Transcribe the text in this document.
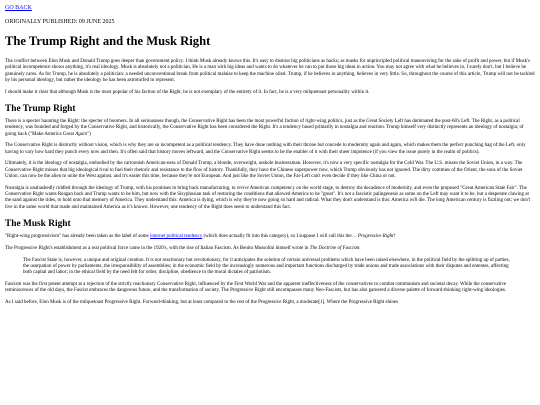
GO BACK
ORIGINALLY PUBLISHED: 09 JUNE 2025
The Trump Right and the Musk Right

The conflict between Elon Musk and Donald Trump goes deeper than government policy. I think Musk already knows this. It's easy to dismiss big politicians as hacks; as masks for unprincipled political maneuvering for the sake of profit and power, but if Musk's political incompetence shows anything, it's real ideology. Musk is absolutely not a politician. He is a man with big ideas and wants to do whatever he can to put those big ideas in action. You may not agree with what he believes in, I surely don't, but I believe he genuinely cares. As for Trump, he is absolutely a politician: a needed unconventional break from political malaise to keep the machine oiled. Trump, if he believes in anything, believes in very little. So, throughout the course of this article, Trump will not be tackled by his personal ideology, but rather the ideology he has been astroturfed to represent.

I should make it clear that although Musk is the most popular of his faction of the Right, he is not exemplary of the entirety of it. In fact, he is a very milquetoast personality within it.

The Trump Right

There is a specter haunting the Right: the specter of boomers. In all seriousness though, the Conservative Right has been the most powerful faction of right-wing politics, just as the Great Society Left has dominated the post-60's Left. The Right, as a political tendency, was founded and forged by the Conservative Right, and historically, the Conservative Right has been considered the Right. It's a tendency based primarily in nostalgia and reaction. Trump himself very distinctly represents an ideology of nostalgia; of going back ("Make America Great Again")

The Conservative Right is distinctly without vision, which is why they are so incompetent as a political tendency. They have done nothing with their throne but concede to modernity again and again, which makes them the perfect punching bag of the Left, only having to vary how hard they punch every now and then. It's often said that history moves leftward, and the Conservative Right seems to be the enabler of it with their sheer impotence (if you view the issue purely in the realm of politics).

Ultimately, it is the ideology of nostalgia, embodied by the cartoonish American-ness of Donald Trump, a blonde, overweight, asshole businessman. However, it's now a very specific nostalgia for the Cold War. The U.S. misses the Soviet Union, in a way. The Conservative Right misses that big ideological rival to fuel their rhetoric and resistance to the flow of history. Thankfully, they have the Chinese superpower now, which Trump obviously has not ignored. The dirty commies of the Orient, the sons of the Soviet Union, can now be the alien to unite the West against, and it's easier this time, because they're not European. And just like the Soviet Union, the Far-Left can't even decide if they like China or not.

Nostalgia is unabashedly riddled through the ideology of Trump, with his promises to bring back manufacturing, to revive American competency on the world stage, to destroy the decadence of modernity, and even the proposed "Great American State Fair". The Conservative Right wants Reagan back and Trump wants to be him, but now with the Sisyphusian task of restoring the conditions that allowed America to be "great". It's not a fascistic palingenesis as some on the Left may want it to be, but a desperate clawing at the sand against the tides, to hold onto that memory of America. They understand this: America is dying, which is why they're now going so hard and radical. What they don't understand is this: America will die. The long American century is fizzling out; we don't live in the same world that made and maintained America as it's known. However, one tendency of the Right does seem to understand this fact.

The Musk Right

"Right-wing progressivism" has already been taken as the label of some internet political tendency (which does actually fit into this category), so I suppose I will call this the… Progressive Right!

The Progressive Right's establishment as a real political force came in the 1920's, with the rise of Italian Fascism. As Benito Mussolini himself wrote in The Doctrine of Fascism:

The Fascist State is, however, a unique and original creation. It is not reactionary but revolutionary, for it anticipates the solution of certain universal problems which have been raised elsewhere, in the political field by the splitting up of parties, the usurpation of power by parliaments, the irresponsibility of assemblies; in the economic field by the increasingly numerous and important functions discharged by trade unions and trade associations with their disputes and ententes, affecting both capital and labor; in the ethical field by the need felt for order, discipline, obedience to the moral dictates of patriotism.

Fascism was the first potent attempt at a rejection of the strictly reactionary Conservative Right, influenced by the First World War and the apparent ineffectiveness of the conservatives to combat communism and societal decay. While the conservative reminiscences of the old days, the Fascist embraces the dangerous future, and the transformation of society. The Progressive Right still encompasses many Neo-Fascists, but has also garnered a diverse palette of forward-thinking right-wing ideologies.

As I said before, Elon Musk is of the milquetoast Progressive Right. Forward-thinking, but at least compared to the rest of the Progressive Right, a moderate[1]. Where the Progressive Right shines
